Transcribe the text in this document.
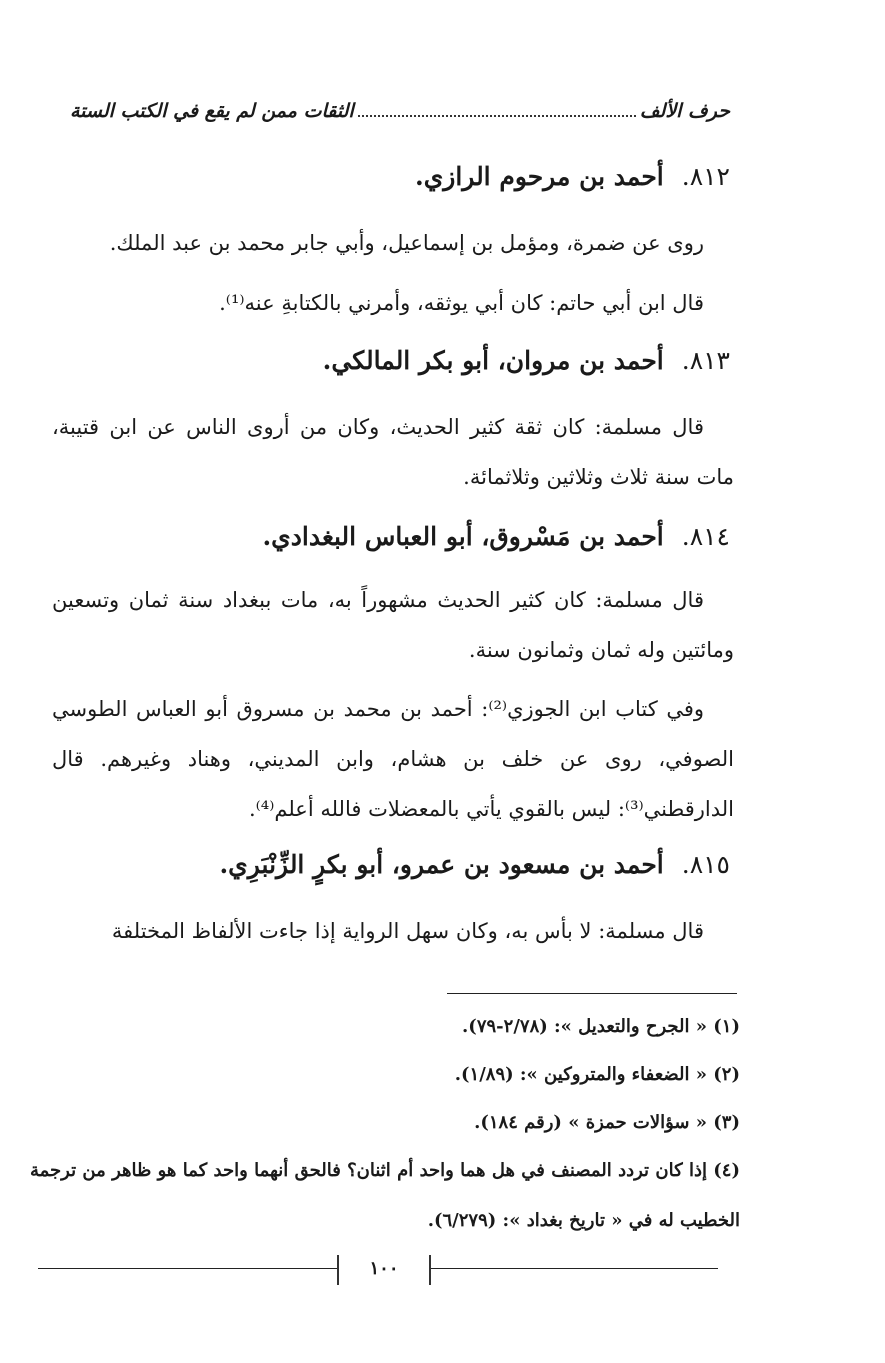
حرف الألف
الثقات ممن لم يقع في الكتب الستة
٨١٢.أحمد بن مرحوم الرازي.

روى عن ضمرة، ومؤمل بن إسماعيل، وأبي جابر محمد بن عبد الملك.

قال ابن أبي حاتم: كان أبي يوثقه، وأمرني بالكتابةِ عنه⁽¹⁾.

٨١٣.أحمد بن مروان، أبو بكر المالكي.

قال مسلمة: كان ثقة كثير الحديث، وكان من أروى الناس عن ابن قتيبة، مات سنة ثلاث وثلاثين وثلاثمائة.

٨١٤.أحمد بن مَسْروق، أبو العباس البغدادي.

قال مسلمة: كان كثير الحديث مشهوراً به، مات ببغداد سنة ثمان وتسعين ومائتين وله ثمان وثمانون سنة.

وفي كتاب ابن الجوزي⁽²⁾: أحمد بن محمد بن مسروق أبو العباس الطوسي الصوفي، روى عن خلف بن هشام، وابن المديني، وهناد وغيرهم. قال الدارقطني⁽³⁾: ليس بالقوي يأتي بالمعضلات فالله أعلم⁽⁴⁾.

٨١٥.أحمد بن مسعود بن عمرو، أبو بكرٍ الزِّنْبَرِي.

قال مسلمة: لا بأس به، وكان سهل الرواية إذا جاءت الألفاظ المختلفة

(١) « الجرح والتعديل »: (٢/٧٨-٧٩).
(٢) « الضعفاء والمتروكين »: (١/٨٩).
(٣) « سؤالات حمزة » (رقم ١٨٤).
(٤) إذا كان تردد المصنف في هل هما واحد أم اثنان؟ فالحق أنهما واحد كما هو ظاهر من ترجمة الخطيب له في « تاريخ بغداد »: (٦/٢٧٩).
١٠٠
